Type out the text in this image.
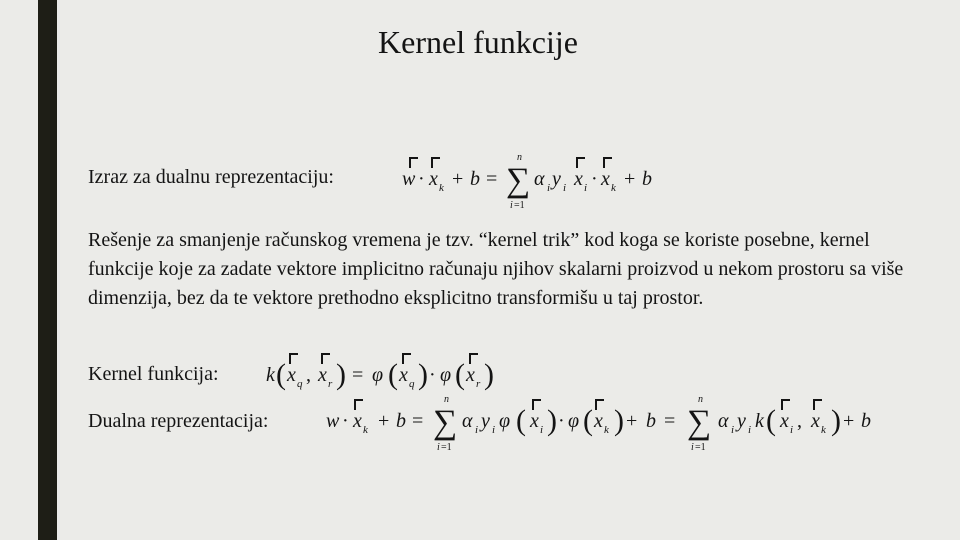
Kernel funkcije
Izraz za dualnu reprezentaciju:	w · x k + b =
n
∑
i =1
α i y i x i · x k + b
Rešenje za smanjenje računskog vremena je tzv. “kernel trik” kod koga se koriste posebne, kernel funkcije koje za zadate vektore implicitno računaju njihov skalarni proizvod u nekom prostoru sa više dimenzija, bez da te vektore prethodno eksplicitno transformišu u taj prostor.
Kernel funkcija: k ( x q , x r ) = φ ( x q ) · φ ( x r )
Dualna reprezentacija:	w · x k + b =
n
∑
i =1
α i y i φ ( x i ) · φ ( x k ) + b =
n
∑
i =1
α i y i k ( x i , x k ) + b
